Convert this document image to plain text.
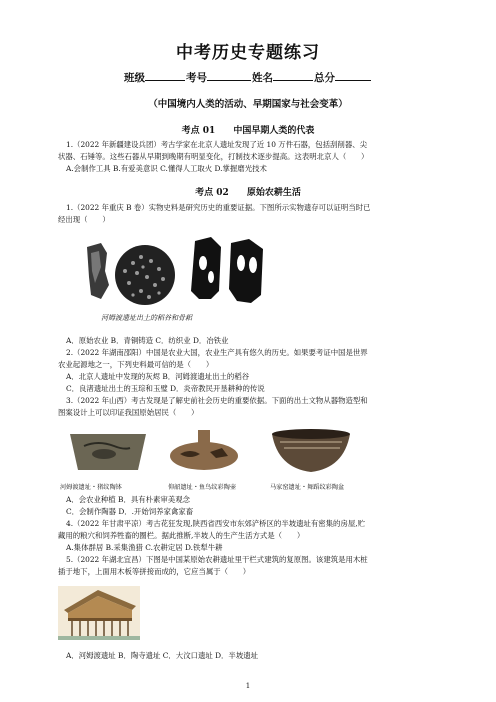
中考历史专题练习
班级	考号	姓名	总分
（中国境内人类的活动、早期国家与社会变革）
考点 01　　中国早期人类的代表
1.（2022 年新疆建设兵团）考古学家在北京人遗址发现了近 10 万件石器，包括刮削器、尖
状器、石锤等。这些石器从早期到晚期有明显变化，打制技术逐步提高。这表明北京人（　　）
A.会制作工具 B.有爱美意识 C.懂得人工取火 D.掌握磨光技术
考点 02　　原始农耕生活
1.（2022 年重庆 B 卷）实物史料是研究历史的重要证据。下图所示实物遗存可以证明当时已
经出现（　　）
河姆渡遗址出土的稻谷和骨耜
A．原始农业 B．青铜铸造 C．纺织业 D．冶铁业
2.（2022 年湖南邵阳）中国是农业大国，农业生产具有悠久的历史。如果要考证中国是世界
农业起源地之一，下列史料最可信的是（　　）
A．北京人遗址中发现的灰烬 B．河姆渡遗址出土的稻谷
C．良渚遗址出土的玉琮和玉璧 D．炎帝教民开垦耕种的传说
3.（2022 年山西）考古发现是了解史前社会历史的重要依据。下面的出土文物从器物造型和
图案设计上可以印证我国原始居民（　　）
河姆渡遗址・猪纹陶钵	仰韶遗址・鱼鸟纹彩陶壶	马家窑遗址・舞蹈纹彩陶盆
A．会农业种植 B．具有朴素审美观念
C．会制作陶器 D．.开始饲养家禽家畜
4.（2022 年甘肃平凉）考古花狂发现,陕西省西安市东郊浐桥区的半坡遗址有密集的房屋,贮
藏用的粮穴和饲养牲畜的圈栏。据此推断,半坡人的生产生活方式是（　　）
A.集体群居 B.采集渔猎 C.农耕定居 D.铁犁牛耕
5.（2022 年湖北宜昌）下图是中国某原始农耕遗址里干栏式建筑的复原图。该建筑是用木桩
插于地下，上面用木板等拼接而成的，它应当属于（　　）
A．河姆渡遗址 B．陶寺遗址 C．大汶口遗址 D．半坡遗址
1
